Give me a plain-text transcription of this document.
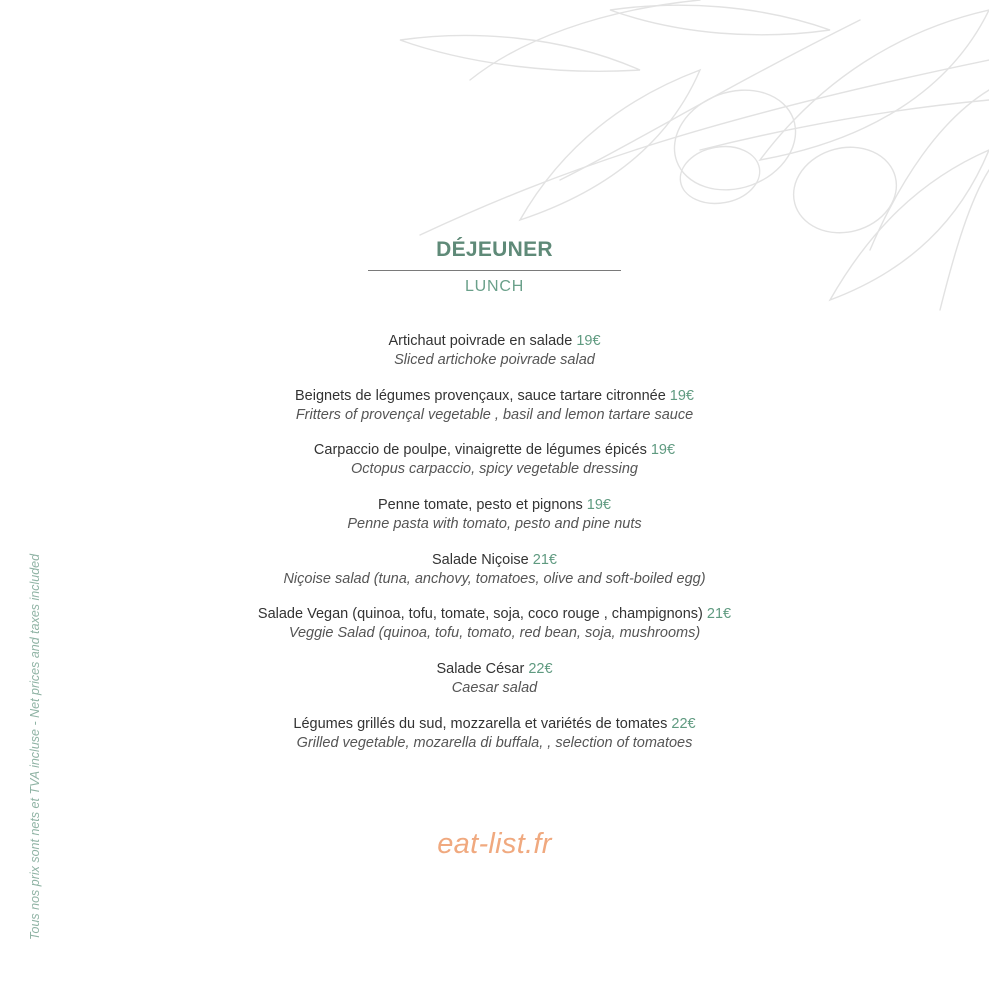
DÉJEUNER
LUNCH
Artichaut poivrade en salade 19€
Sliced artichoke poivrade salad
Beignets de légumes provençaux, sauce tartare citronnée 19€
Fritters of provençal vegetable , basil and lemon tartare sauce
Carpaccio de poulpe, vinaigrette de légumes épicés 19€
Octopus carpaccio, spicy vegetable dressing
Penne tomate, pesto et pignons 19€
Penne pasta with tomato, pesto and pine nuts
Salade Niçoise 21€
Niçoise salad (tuna, anchovy, tomatoes, olive and soft-boiled egg)
Salade Vegan (quinoa, tofu, tomate, soja, coco rouge , champignons) 21€
Veggie Salad (quinoa, tofu, tomato, red bean, soja, mushrooms)
Salade César 22€
Caesar salad
Légumes grillés du sud, mozzarella et variétés de tomates 22€
Grilled vegetable, mozarella di buffala, , selection of tomatoes
eat-list.fr
Tous nos prix sont nets et TVA incluse - Net prices and taxes included
